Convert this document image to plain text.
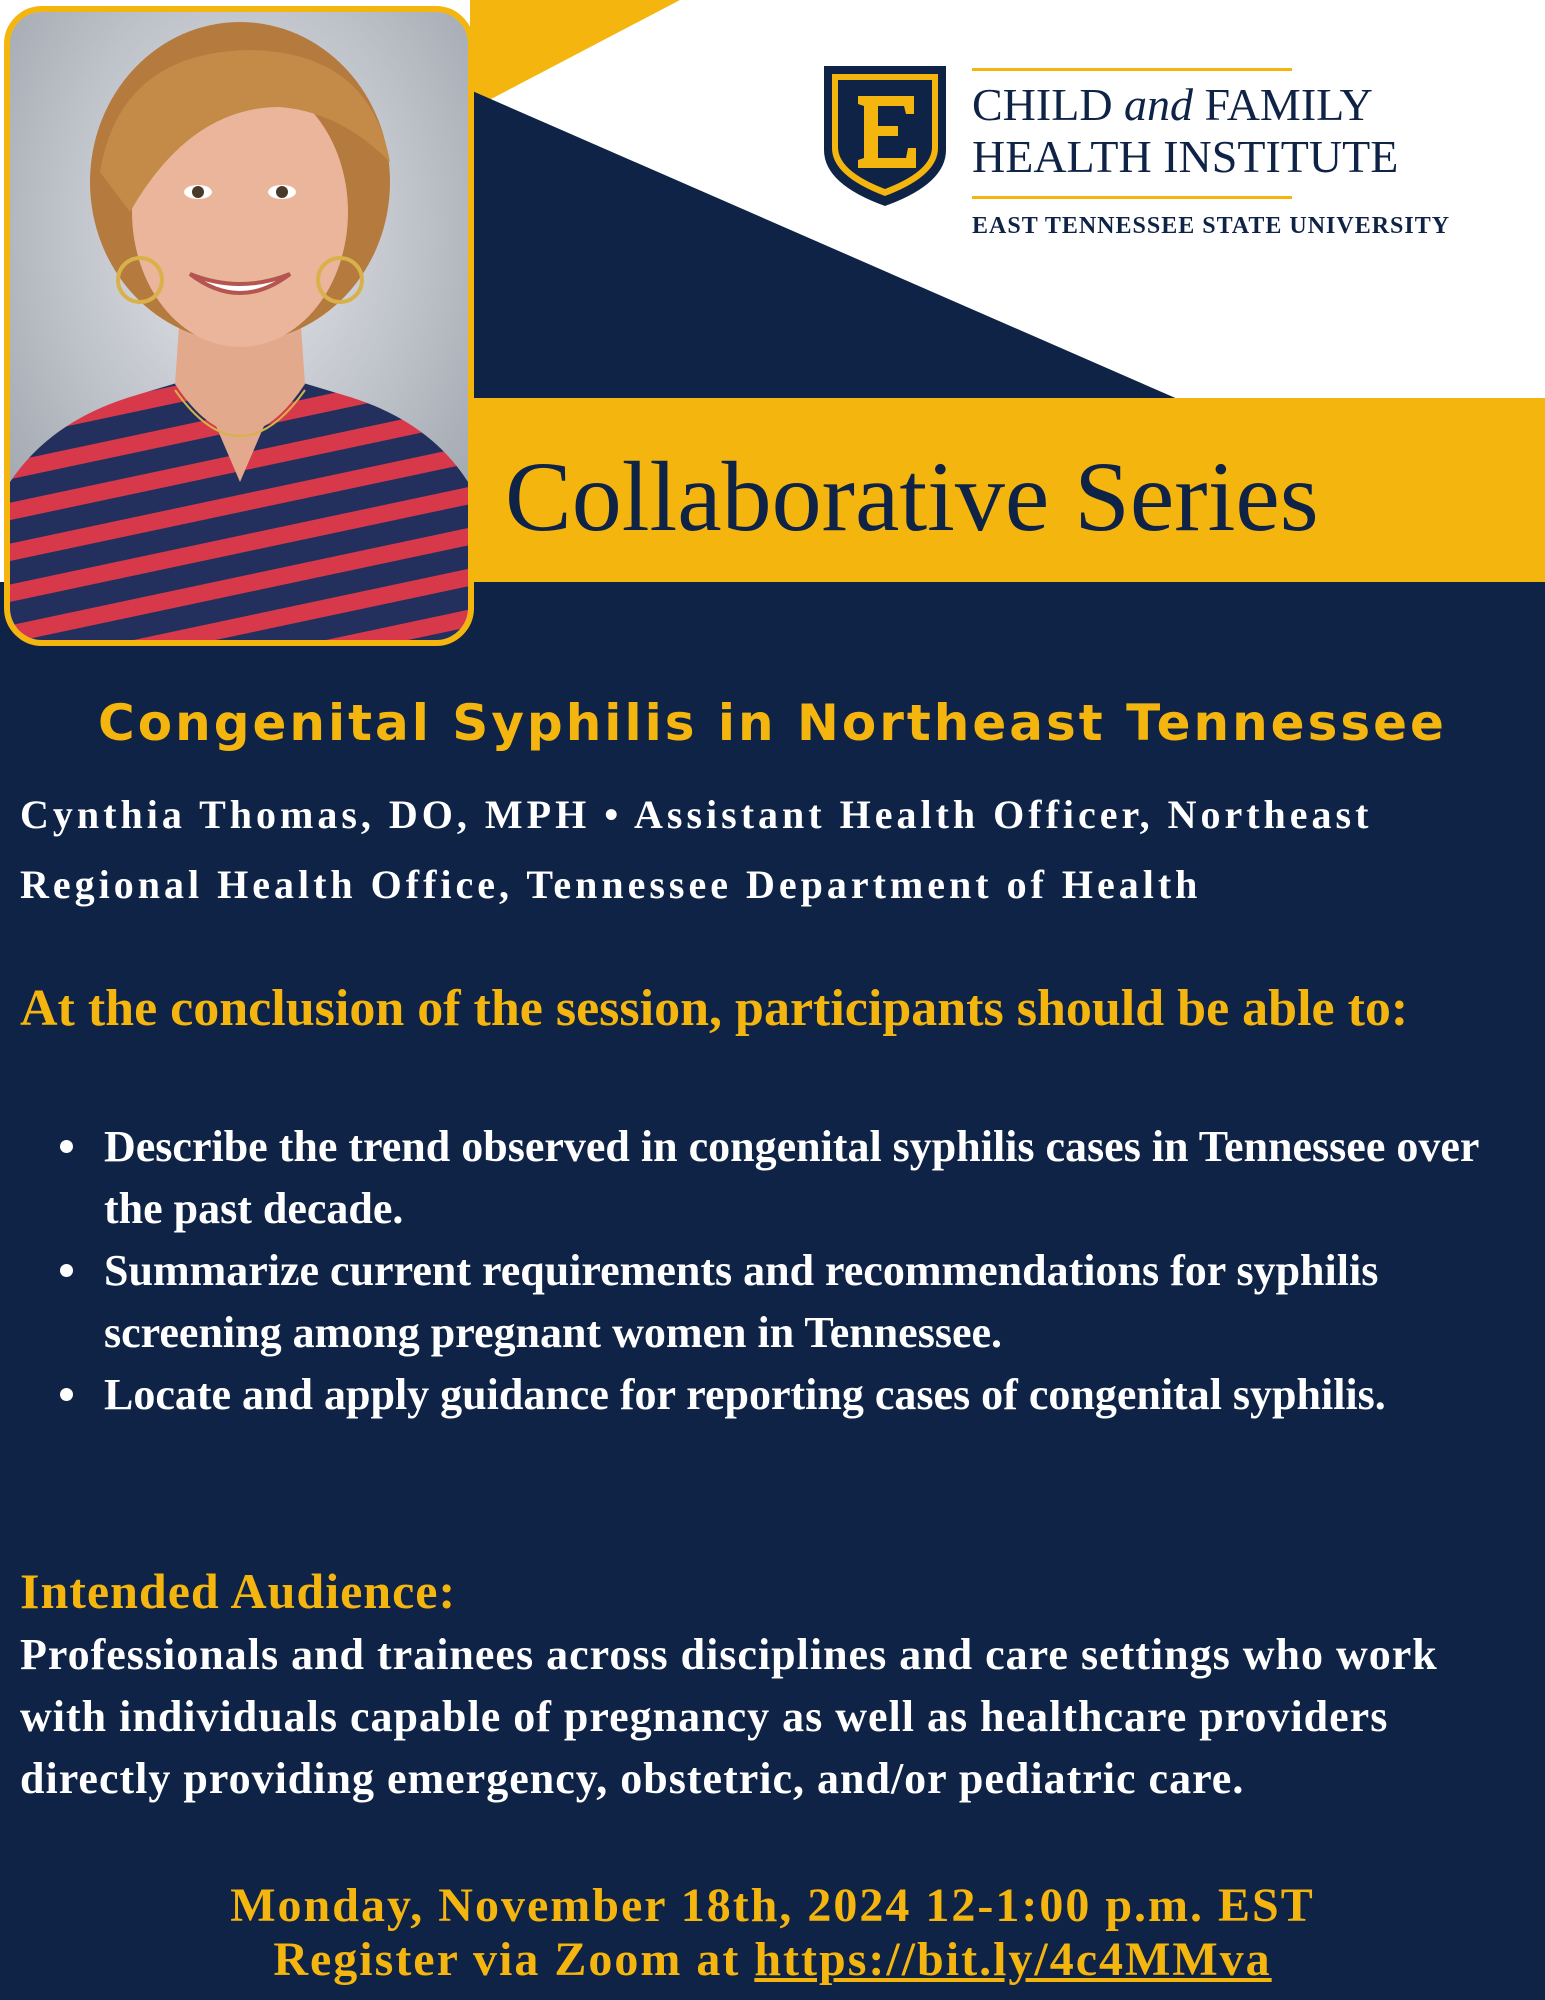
CHILD and FAMILY
HEALTH INSTITUTE
EAST TENNESSEE STATE UNIVERSITY
Collaborative Series
Congenital Syphilis in Northeast Tennessee
Cynthia Thomas, DO, MPH • Assistant Health Officer, Northeast Regional Health Office, Tennessee Department of Health
At the conclusion of the session, participants should be able to:
Describe the trend observed in congenital syphilis cases in Tennessee over the past decade.
Summarize current requirements and recommendations for syphilis screening among pregnant women in Tennessee.
Locate and apply guidance for reporting cases of congenital syphilis.
Intended Audience:
Professionals and trainees across disciplines and care settings who work with individuals capable of pregnancy as well as healthcare providers directly providing emergency, obstetric, and/or pediatric care.
Monday, November 18th, 2024 12-1:00 p.m. EST
Register via Zoom at https://bit.ly/4c4MMva
